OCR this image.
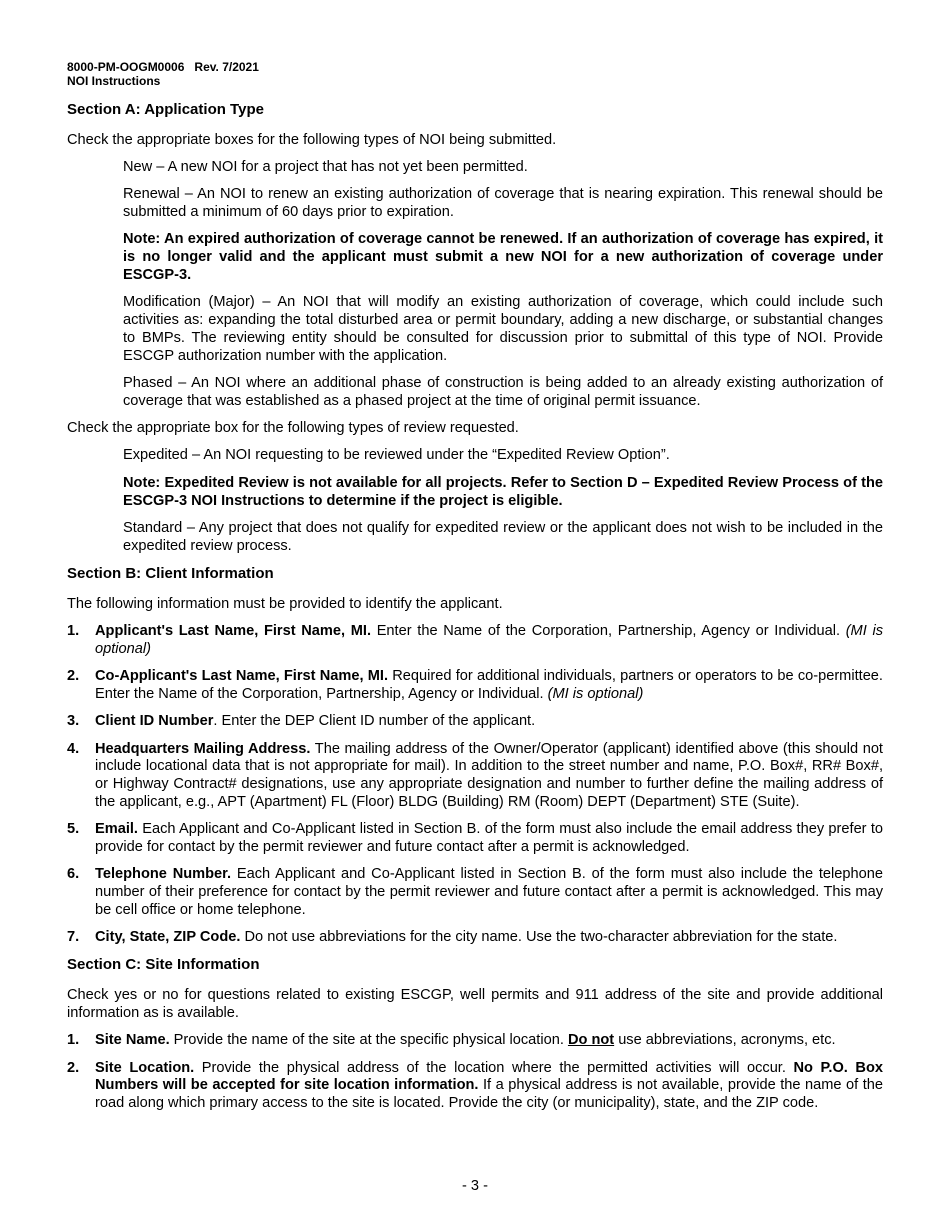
8000-PM-OOGM0006 Rev. 7/2021
NOI Instructions
Section A: Application Type

Check the appropriate boxes for the following types of NOI being submitted.

New – A new NOI for a project that has not yet been permitted.

Renewal – An NOI to renew an existing authorization of coverage that is nearing expiration. This renewal should be submitted a minimum of 60 days prior to expiration.

Note: An expired authorization of coverage cannot be renewed. If an authorization of coverage has expired, it is no longer valid and the applicant must submit a new NOI for a new authorization of coverage under ESCGP-3.

Modification (Major) – An NOI that will modify an existing authorization of coverage, which could include such activities as: expanding the total disturbed area or permit boundary, adding a new discharge, or substantial changes to BMPs. The reviewing entity should be consulted for discussion prior to submittal of this type of NOI. Provide ESCGP authorization number with the application.

Phased – An NOI where an additional phase of construction is being added to an already existing authorization of coverage that was established as a phased project at the time of original permit issuance.

Check the appropriate box for the following types of review requested.

Expedited – An NOI requesting to be reviewed under the “Expedited Review Option”.

Note: Expedited Review is not available for all projects. Refer to Section D – Expedited Review Process of the ESCGP-3 NOI Instructions to determine if the project is eligible.

Standard – Any project that does not qualify for expedited review or the applicant does not wish to be included in the expedited review process.

Section B: Client Information

The following information must be provided to identify the applicant.

1. Applicant's Last Name, First Name, MI. Enter the Name of the Corporation, Partnership, Agency or Individual. (MI is optional)
2. Co-Applicant's Last Name, First Name, MI. Required for additional individuals, partners or operators to be co-permittee. Enter the Name of the Corporation, Partnership, Agency or Individual. (MI is optional)
3. Client ID Number. Enter the DEP Client ID number of the applicant.
4. Headquarters Mailing Address. The mailing address of the Owner/Operator (applicant) identified above (this should not include locational data that is not appropriate for mail). In addition to the street number and name, P.O. Box#, RR# Box#, or Highway Contract# designations, use any appropriate designation and number to further define the mailing address of the applicant, e.g., APT (Apartment) FL (Floor) BLDG (Building) RM (Room) DEPT (Department) STE (Suite).
5. Email. Each Applicant and Co-Applicant listed in Section B. of the form must also include the email address they prefer to provide for contact by the permit reviewer and future contact after a permit is acknowledged.
6. Telephone Number. Each Applicant and Co-Applicant listed in Section B. of the form must also include the telephone number of their preference for contact by the permit reviewer and future contact after a permit is acknowledged. This may be cell office or home telephone.
7. City, State, ZIP Code. Do not use abbreviations for the city name. Use the two-character abbreviation for the state.
Section C: Site Information

Check yes or no for questions related to existing ESCGP, well permits and 911 address of the site and provide additional information as is available.

1. Site Name. Provide the name of the site at the specific physical location. Do not use abbreviations, acronyms, etc.
2. Site Location. Provide the physical address of the location where the permitted activities will occur. No P.O. Box Numbers will be accepted for site location information. If a physical address is not available, provide the name of the road along which primary access to the site is located. Provide the city (or municipality), state, and the ZIP code.
- 3 -
